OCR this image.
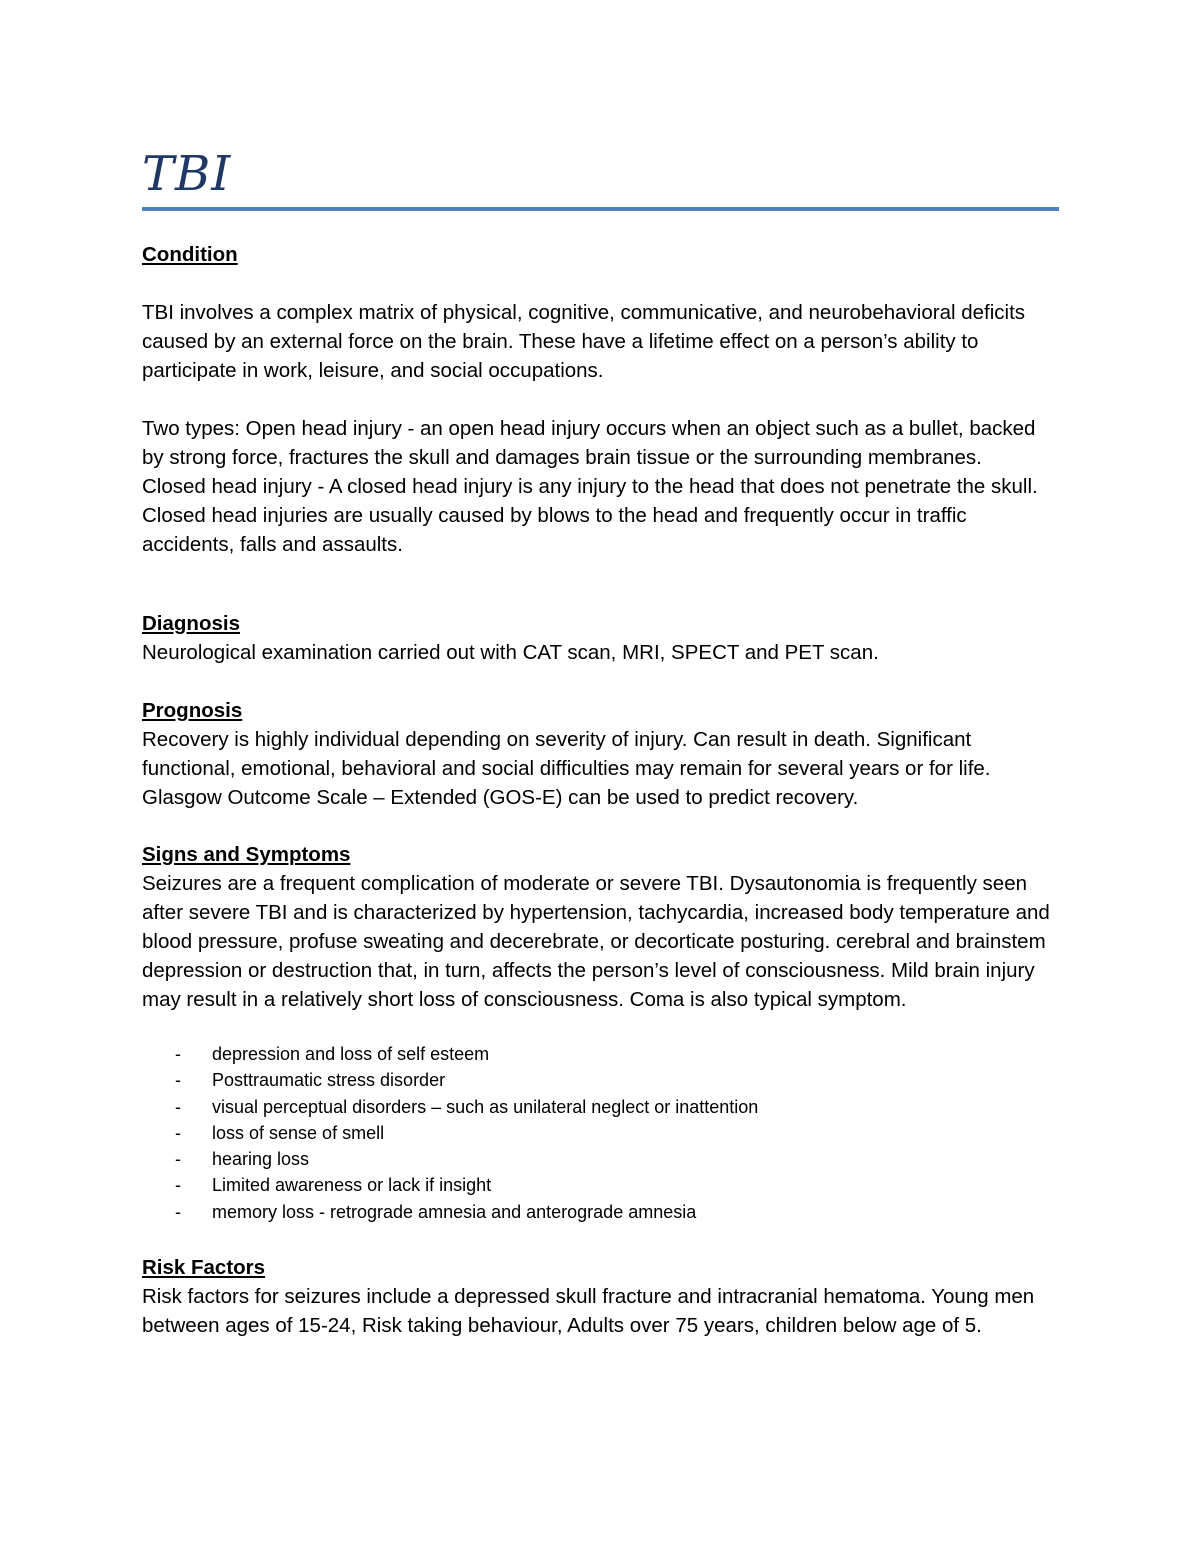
TBI

Condition

TBI involves a complex matrix of physical, cognitive, communicative, and neurobehavioral deficits caused by an external force on the brain. These have a lifetime effect on a person’s ability to participate in work, leisure, and social occupations.

Two types: Open head injury - an open head injury occurs when an object such as a bullet, backed by strong force, fractures the skull and damages brain tissue or the surrounding membranes.

Closed head injury - A closed head injury is any injury to the head that does not penetrate the skull. Closed head injuries are usually caused by blows to the head and frequently occur in traffic accidents, falls and assaults.

Diagnosis

Neurological examination carried out with CAT scan, MRI, SPECT and PET scan.

Prognosis

Recovery is highly individual depending on severity of injury. Can result in death. Significant functional, emotional, behavioral and social difficulties may remain for several years or for life. Glasgow Outcome Scale – Extended (GOS-E) can be used to predict recovery.

Signs and Symptoms

Seizures are a frequent complication of moderate or severe TBI. Dysautonomia is frequently seen after severe TBI and is characterized by hypertension, tachycardia, increased body temperature and blood pressure, profuse sweating and decerebrate, or decorticate posturing. cerebral and brainstem depression or destruction that, in turn, affects the person’s level of consciousness. Mild brain injury may result in a relatively short loss of consciousness. Coma is also typical symptom.

- depression and loss of self esteem
- Posttraumatic stress disorder
- visual perceptual disorders – such as unilateral neglect or inattention
- loss of sense of smell
- hearing loss
- Limited awareness or lack if insight
- memory loss - retrograde amnesia and anterograde amnesia

Risk Factors

Risk factors for seizures include a depressed skull fracture and intracranial hematoma. Young men between ages of 15-24, Risk taking behaviour, Adults over 75 years, children below age of 5.
